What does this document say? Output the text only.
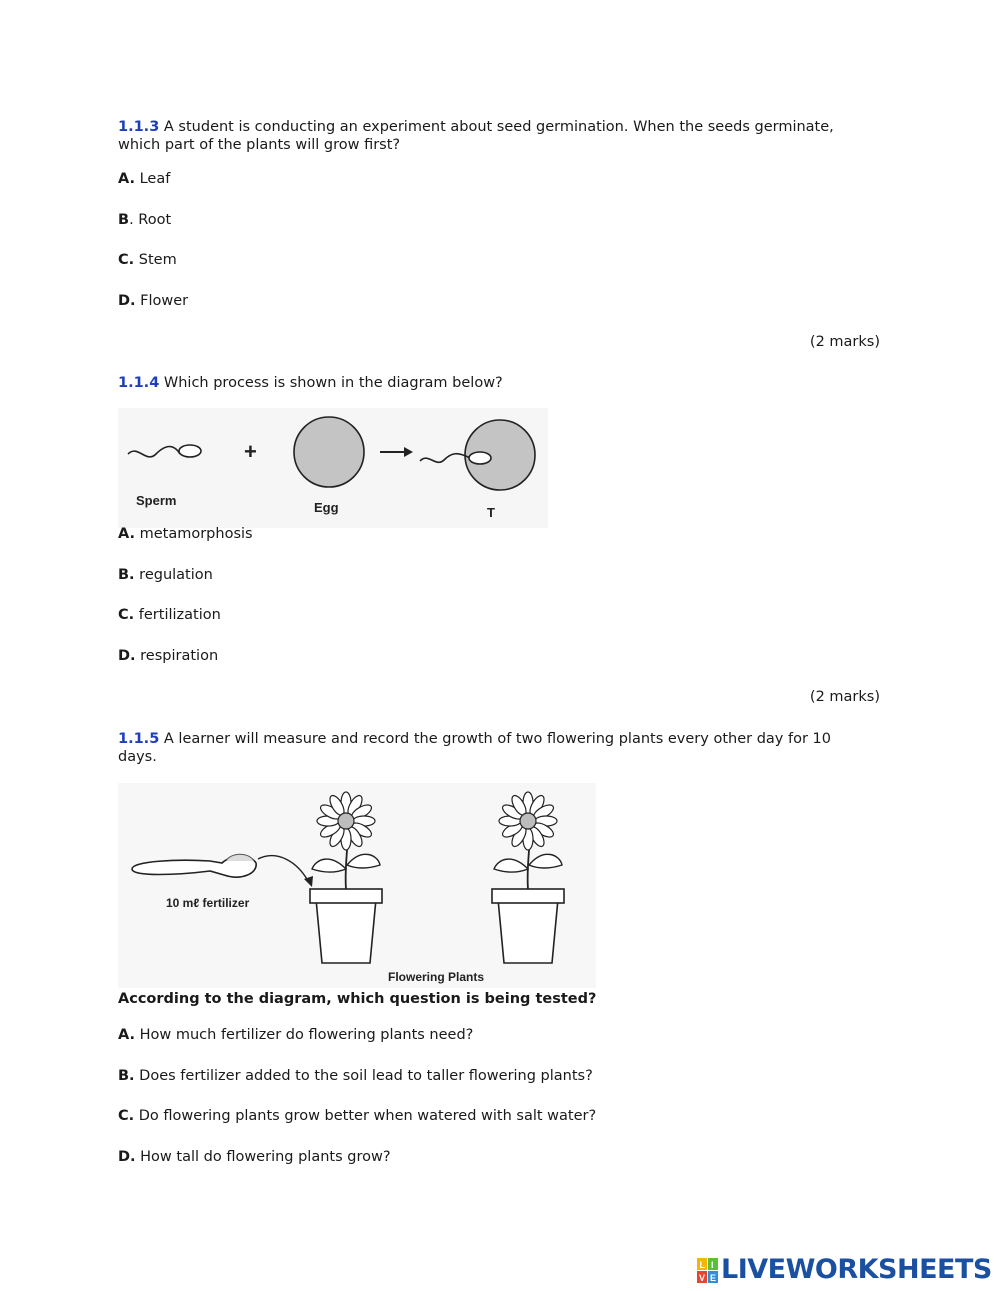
1.1.3 A student is conducting an experiment about seed germination. When the seeds germinate,
which part of the plants will grow first?
A. Leaf
B. Root
C. Stem
D. Flower
(2 marks)
1.1.4 Which process is shown in the diagram below?
Sperm
+
Egg	T
A. metamorphosis
B. regulation
C. fertilization
D. respiration
(2 marks)
1.1.5 A learner will measure and record the growth of two flowering plants every other day for 10
days.
10 mℓ fertilizer
Flowering Plants
According to the diagram, which question is being tested?
A. How much fertilizer do flowering plants need?
B. Does fertilizer added to the soil lead to taller flowering plants?
C. Do flowering plants grow better when watered with salt water?
D. How tall do flowering plants grow?
L I
V E LIVEWORKSHEETS
